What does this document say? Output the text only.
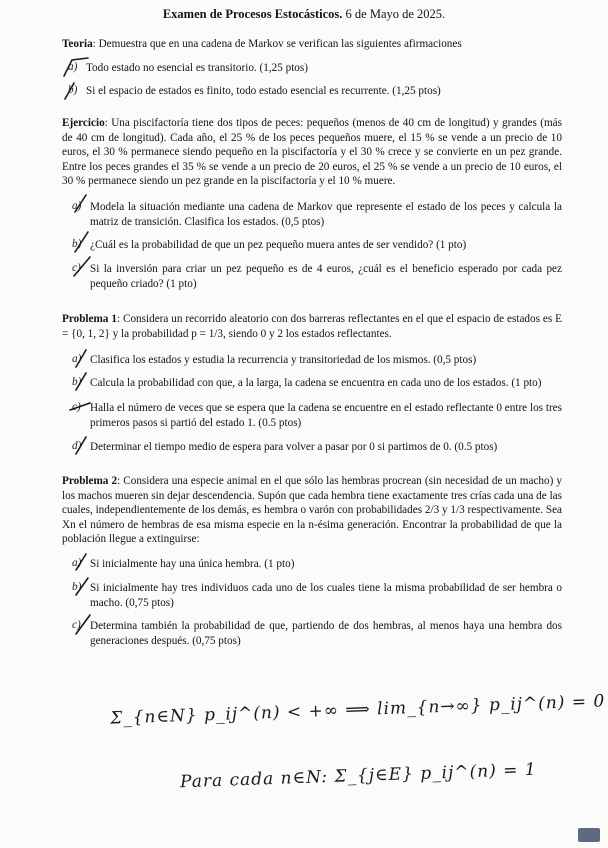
Examen de Procesos Estocásticos. 6 de Mayo de 2025.
Teoria: Demuestra que en una cadena de Markov se verifican las siguientes afirmaciones
a) Todo estado no esencial es transitorio. (1,25 ptos)
b) Si el espacio de estados es finito, todo estado esencial es recurrente. (1,25 ptos)
Ejercicio: Una piscifactoría tiene dos tipos de peces: pequeños (menos de 40 cm de longitud) y grandes (más de 40 cm de longitud). Cada año, el 25 % de los peces pequeños muere, el 15 % se vende a un precio de 10 euros, el 30 % permanece siendo pequeño en la piscifactoría y el 30 % crece y se convierte en un pez grande. Entre los peces grandes el 35 % se vende a un precio de 20 euros, el 25 % se vende a un precio de 10 euros, el 30 % permanece siendo un pez grande en la piscifactoría y el 10 % muere.
a) Modela la situación mediante una cadena de Markov que represente el estado de los peces y calcula la matriz de transición. Clasifica los estados. (0,5 ptos)
b) ¿Cuál es la probabilidad de que un pez pequeño muera antes de ser vendido? (1 pto)
c) Si la inversión para criar un pez pequeño es de 4 euros, ¿cuál es el beneficio esperado por cada pez pequeño criado? (1 pto)
Problema 1: Considera un recorrido aleatorio con dos barreras reflectantes en el que el espacio de estados es E = {0, 1, 2} y la probabilidad p = 1/3, siendo 0 y 2 los estados reflectantes.
a) Clasifica los estados y estudia la recurrencia y transitoriedad de los mismos. (0,5 ptos)
b) Calcula la probabilidad con que, a la larga, la cadena se encuentra en cada uno de los estados. (1 pto)
c) Halla el número de veces que se espera que la cadena se encuentre en el estado reflectante 0 entre los tres primeros pasos si partió del estado 1. (0.5 ptos)
d) Determinar el tiempo medio de espera para volver a pasar por 0 si partimos de 0. (0.5 ptos)
Problema 2: Considera una especie animal en el que sólo las hembras procrean (sin necesidad de un macho) y los machos mueren sin dejar descendencia. Supón que cada hembra tiene exactamente tres crías cada una de las cuales, independientemente de los demás, es hembra o varón con probabilidades 2/3 y 1/3 respectivamente. Sea Xn el número de hembras de esa misma especie en la n-ésima generación. Encontrar la probabilidad de que la población llegue a extinguirse:
a) Si inicialmente hay una única hembra. (1 pto)
b) Si inicialmente hay tres individuos cada uno de los cuales tiene la misma probabilidad de ser hembra o macho. (0,75 ptos)
c) Determina también la probabilidad de que, partiendo de dos hembras, al menos haya una hembra dos generaciones después. (0,75 ptos)
Σ_{n∈N} p_ij^(n) < +∞ ⟹ lim_{n→∞} p_ij^(n) = 0
Para cada n∈N: Σ_{j∈E} p_ij^(n) = 1
